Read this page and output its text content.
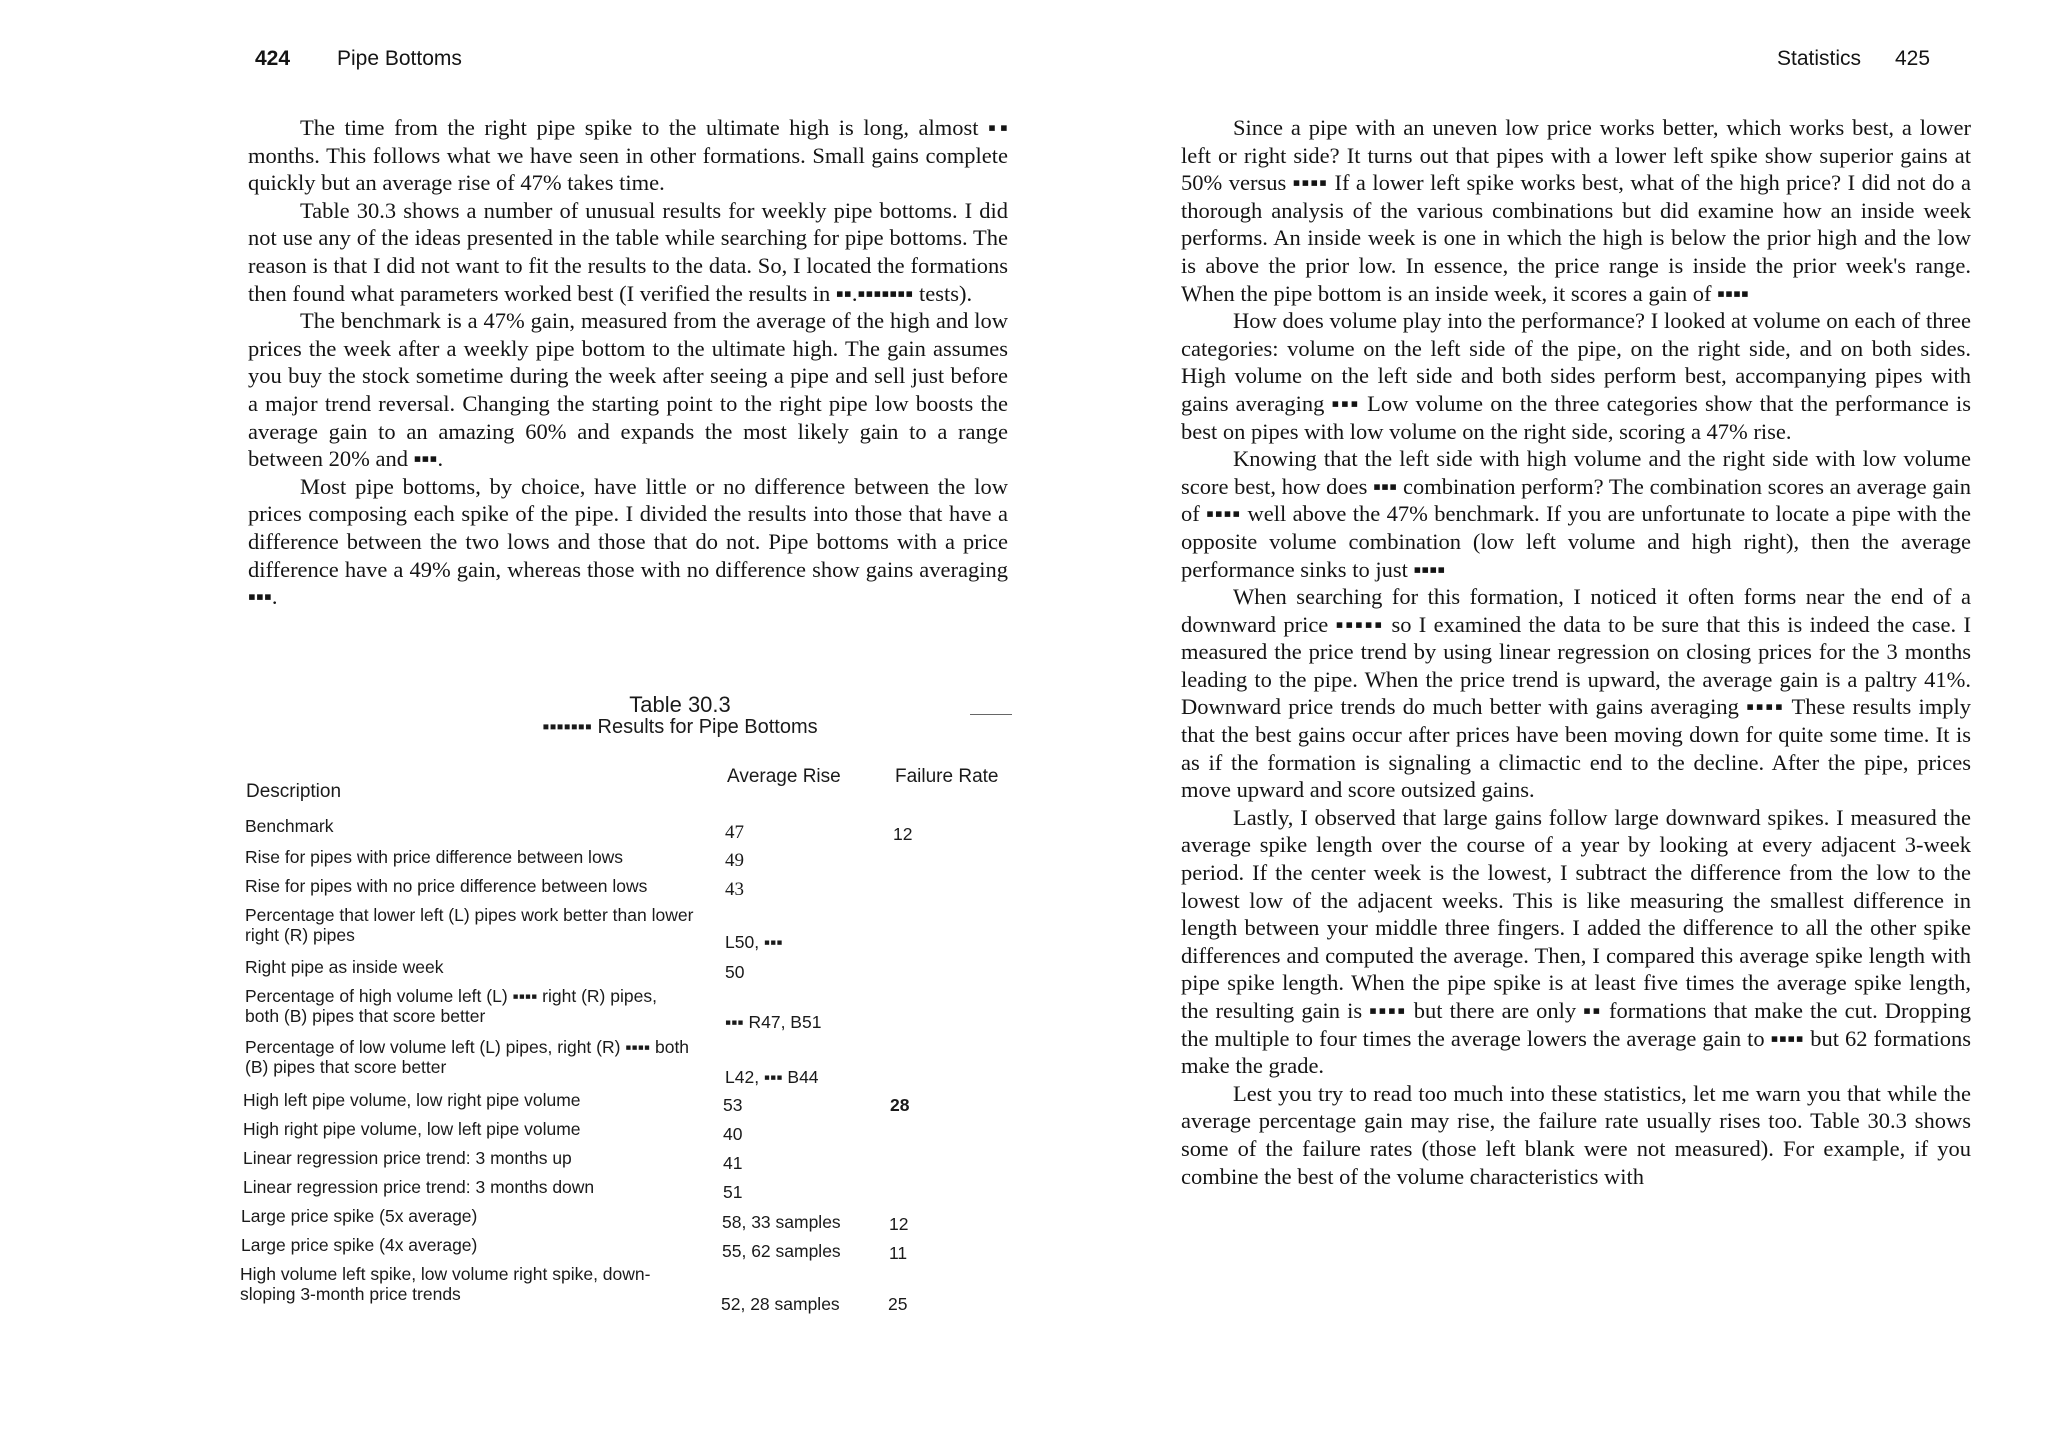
424 Pipe Bottoms

The time from the right pipe spike to the ultimate high is long, almost ▪▪ months. This follows what we have seen in other formations. Small gains complete quickly but an average rise of 47% takes time.

Table 30.3 shows a number of unusual results for weekly pipe bottoms. I did not use any of the ideas presented in the table while searching for pipe bottoms. The reason is that I did not want to fit the results to the data. So, I located the formations then found what parameters worked best (I verified the results in ▪▪.▪▪▪▪▪▪▪ tests).

The benchmark is a 47% gain, measured from the average of the high and low prices the week after a weekly pipe bottom to the ultimate high. The gain assumes you buy the stock sometime during the week after seeing a pipe and sell just before a major trend reversal. Changing the starting point to the right pipe low boosts the average gain to an amazing 60% and expands the most likely gain to a range between 20% and ▪▪▪.

Most pipe bottoms, by choice, have little or no difference between the low prices composing each spike of the pipe. I divided the results into those that have a difference between the two lows and those that do not. Pipe bottoms with a price difference have a 49% gain, whereas those with no difference show gains averaging ▪▪▪.

Table 30.3
▪▪▪▪▪▪▪ Results for Pipe Bottoms
Description
Average Rise	Failure Rate
Benchmark	47	12
Rise for pipes with price difference between lows	49
Rise for pipes with no price difference between lows	43
Percentage that lower left (L) pipes work better than lower right (R) pipes	L50, ▪▪▪
Right pipe as inside week	50
Percentage of high volume left (L) ▪▪▪▪ right (R) pipes, both (B) pipes that score better	▪▪▪ R47, B51
Percentage of low volume left (L) pipes, right (R) ▪▪▪▪ both (B) pipes that score better	L42, ▪▪▪ B44
High left pipe volume, low right pipe volume	53	28
High right pipe volume, low left pipe volume	40
Linear regression price trend: 3 months up	41
Linear regression price trend: 3 months down	51
Large price spike (5x average)	58, 33 samples	12
Large price spike (4x average)	55, 62 samples	11
High volume left spike, low volume right spike, down-sloping 3-month price trends	52, 28 samples	25
Statistics 425

Since a pipe with an uneven low price works better, which works best, a lower left or right side? It turns out that pipes with a lower left spike show superior gains at 50% versus ▪▪▪▪ If a lower left spike works best, what of the high price? I did not do a thorough analysis of the various combinations but did examine how an inside week performs. An inside week is one in which the high is below the prior high and the low is above the prior low. In essence, the price range is inside the prior week's range. When the pipe bottom is an inside week, it scores a gain of ▪▪▪▪

How does volume play into the performance? I looked at volume on each of three categories: volume on the left side of the pipe, on the right side, and on both sides. High volume on the left side and both sides perform best, accompanying pipes with gains averaging ▪▪▪ Low volume on the three categories show that the performance is best on pipes with low volume on the right side, scoring a 47% rise.

Knowing that the left side with high volume and the right side with low volume score best, how does ▪▪▪ combination perform? The combination scores an average gain of ▪▪▪▪ well above the 47% benchmark. If you are unfortunate to locate a pipe with the opposite volume combination (low left volume and high right), then the average performance sinks to just ▪▪▪▪

When searching for this formation, I noticed it often forms near the end of a downward price ▪▪▪▪▪ so I examined the data to be sure that this is indeed the case. I measured the price trend by using linear regression on closing prices for the 3 months leading to the pipe. When the price trend is upward, the average gain is a paltry 41%. Downward price trends do much better with gains averaging ▪▪▪▪ These results imply that the best gains occur after prices have been moving down for quite some time. It is as if the formation is signaling a climactic end to the decline. After the pipe, prices move upward and score outsized gains.

Lastly, I observed that large gains follow large downward spikes. I measured the average spike length over the course of a year by looking at every adjacent 3-week period. If the center week is the lowest, I subtract the difference from the low to the lowest low of the adjacent weeks. This is like measuring the smallest difference in length between your middle three fingers. I added the difference to all the other spike differences and computed the average. Then, I compared this average spike length with pipe spike length. When the pipe spike is at least five times the average spike length, the resulting gain is ▪▪▪▪ but there are only ▪▪ formations that make the cut. Dropping the multiple to four times the average lowers the average gain to ▪▪▪▪ but 62 formations make the grade.

Lest you try to read too much into these statistics, let me warn you that while the average percentage gain may rise, the failure rate usually rises too. Table 30.3 shows some of the failure rates (those left blank were not measured). For example, if you combine the best of the volume characteristics with
